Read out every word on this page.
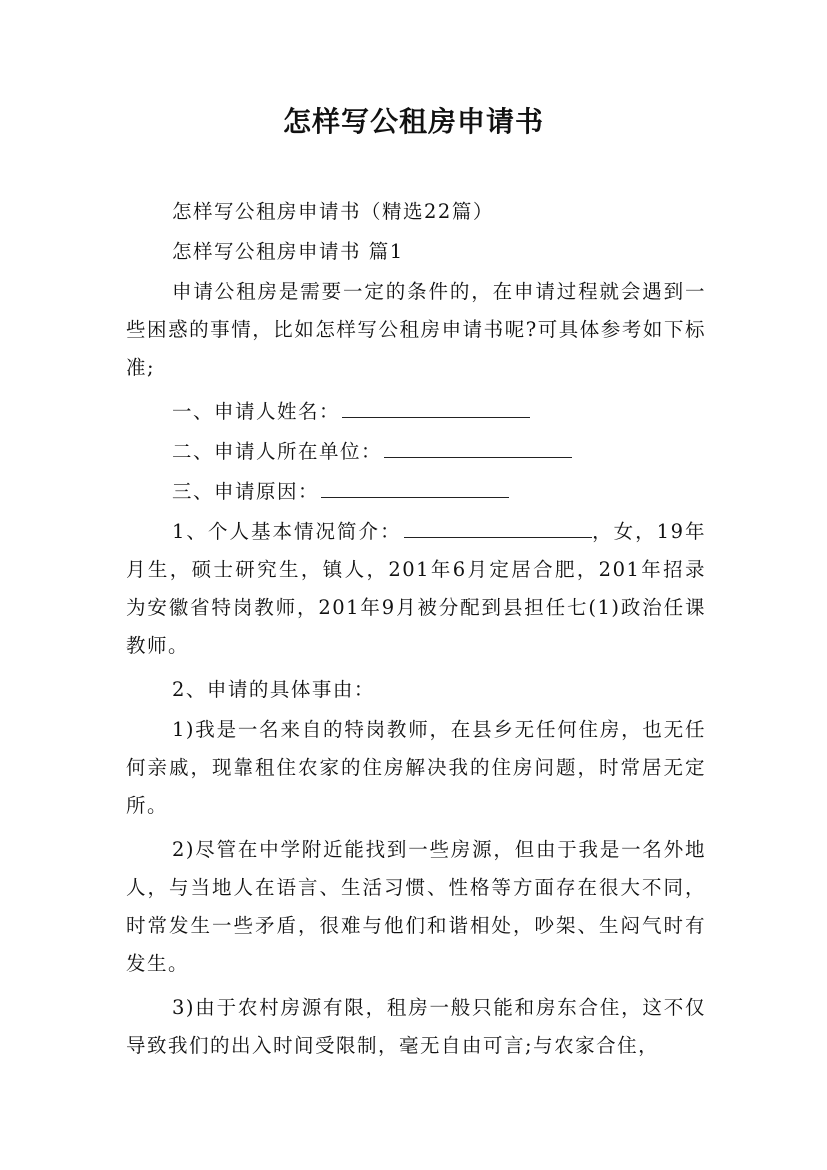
怎样写公租房申请书

怎样写公租房申请书（精选22篇）

怎样写公租房申请书 篇1

申请公租房是需要一定的条件的，在申请过程就会遇到一些困惑的事情，比如怎样写公租房申请书呢?可具体参考如下标准;

一、申请人姓名：

二、申请人所在单位：

三、申请原因：

1、个人基本情况简介：	，女，19年月生，硕士研究生，镇人，201年6月定居合肥，201年招录为安徽省特岗教师，201年9月被分配到县担任七(1)政治任课教师。

2、申请的具体事由：

1)我是一名来自的特岗教师，在县乡无任何住房，也无任何亲戚，现靠租住农家的住房解决我的住房问题，时常居无定所。

2)尽管在中学附近能找到一些房源，但由于我是一名外地人，与当地人在语言、生活习惯、性格等方面存在很大不同，时常发生一些矛盾，很难与他们和谐相处，吵架、生闷气时有发生。

3)由于农村房源有限，租房一般只能和房东合住，这不仅导致我们的出入时间受限制，毫无自由可言;与农家合住，
